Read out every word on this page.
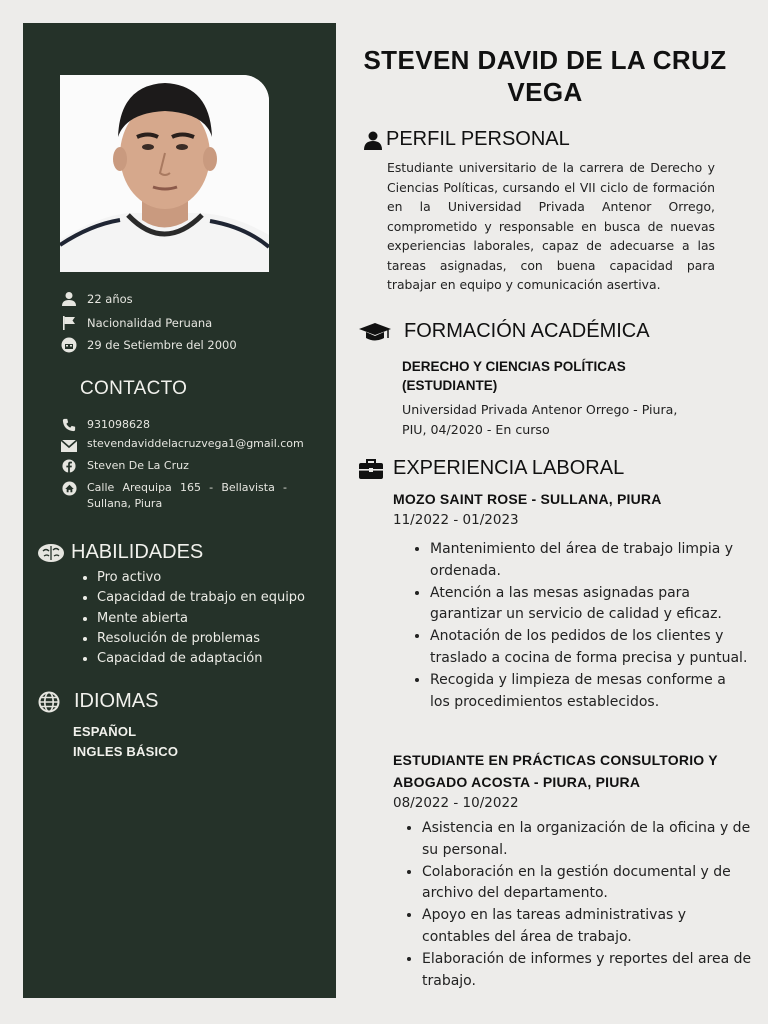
22 años
Nacionalidad Peruana
29 de Setiembre del 2000
CONTACTO
931098628
stevendaviddelacruzvega1@gmail.com
Steven De La Cruz
Calle Arequipa 165 - Bellavista - Sullana, Piura
HABILIDADES
• Pro activo
• Capacidad de trabajo en equipo
• Mente abierta
• Resolución de problemas
• Capacidad de adaptación
IDIOMAS
ESPAÑOL
INGLES BÁSICO
STEVEN DAVID DE LA CRUZ VEGA
PERFIL PERSONAL

Estudiante universitario de la carrera de Derecho y Ciencias Políticas, cursando el VII ciclo de formación en la Universidad Privada Antenor Orrego, comprometido y responsable en busca de nuevas experiencias laborales, capaz de adecuarse a las tareas asignadas, con buena capacidad para trabajar en equipo y comunicación asertiva.

FORMACIÓN ACADÉMICA
DERECHO Y CIENCIAS POLÍTICAS (ESTUDIANTE)
Universidad Privada Antenor Orrego - Piura,
PIU, 04/2020 - En curso
EXPERIENCIA LABORAL
MOZO SAINT ROSE - SULLANA, PIURA
11/2022 - 01/2023
• Mantenimiento del área de trabajo limpia y ordenada.
• Atención a las mesas asignadas para garantizar un servicio de calidad y eficaz.
• Anotación de los pedidos de los clientes y traslado a cocina de forma precisa y puntual.
• Recogida y limpieza de mesas conforme a los procedimientos establecidos.
ESTUDIANTE EN PRÁCTICAS CONSULTORIO Y ABOGADO ACOSTA - PIURA, PIURA
08/2022 - 10/2022
• Asistencia en la organización de la oficina y de su personal.
• Colaboración en la gestión documental y de archivo del departamento.
• Apoyo en las tareas administrativas y contables del área de trabajo.
• Elaboración de informes y reportes del area de trabajo.
